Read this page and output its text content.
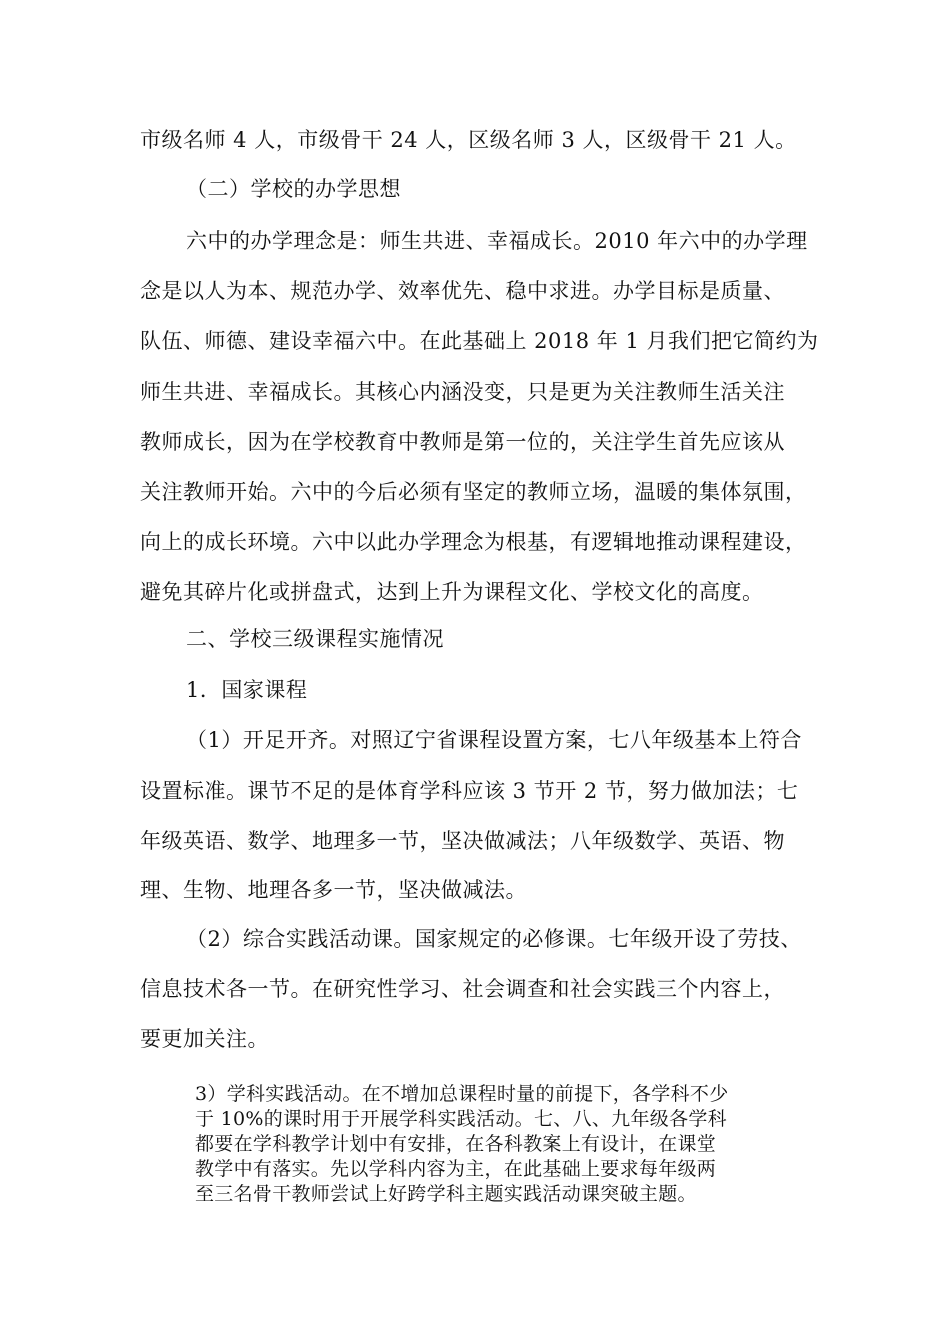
市级名师 4 人，市级骨干 24 人，区级名师 3 人，区级骨干 21 人。
（二）学校的办学思想
六中的办学理念是：师生共进、幸福成长。2010 年六中的办学理
念是以人为本、规范办学、效率优先、稳中求进。办学目标是质量、
队伍、师德、建设幸福六中。在此基础上 2018 年 1 月我们把它简约为
师生共进、幸福成长。其核心内涵没变，只是更为关注教师生活关注
教师成长，因为在学校教育中教师是第一位的，关注学生首先应该从
关注教师开始。六中的今后必须有坚定的教师立场，温暖的集体氛围，
向上的成长环境。六中以此办学理念为根基，有逻辑地推动课程建设，
避免其碎片化或拼盘式，达到上升为课程文化、学校文化的高度。
二、学校三级课程实施情况
1．国家课程
（1）开足开齐。对照辽宁省课程设置方案，七八年级基本上符合
设置标准。课节不足的是体育学科应该 3 节开 2 节，努力做加法；七
年级英语、数学、地理多一节，坚决做减法；八年级数学、英语、物
理、生物、地理各多一节，坚决做减法。
（2）综合实践活动课。国家规定的必修课。七年级开设了劳技、
信息技术各一节。在研究性学习、社会调查和社会实践三个内容上，
要更加关注。
3）学科实践活动。在不增加总课程时量的前提下，各学科不少
于 10%的课时用于开展学科实践活动。七、八、九年级各学科
都要在学科教学计划中有安排，在各科教案上有设计，在课堂
教学中有落实。先以学科内容为主，在此基础上要求每年级两
至三名骨干教师尝试上好跨学科主题实践活动课突破主题。
